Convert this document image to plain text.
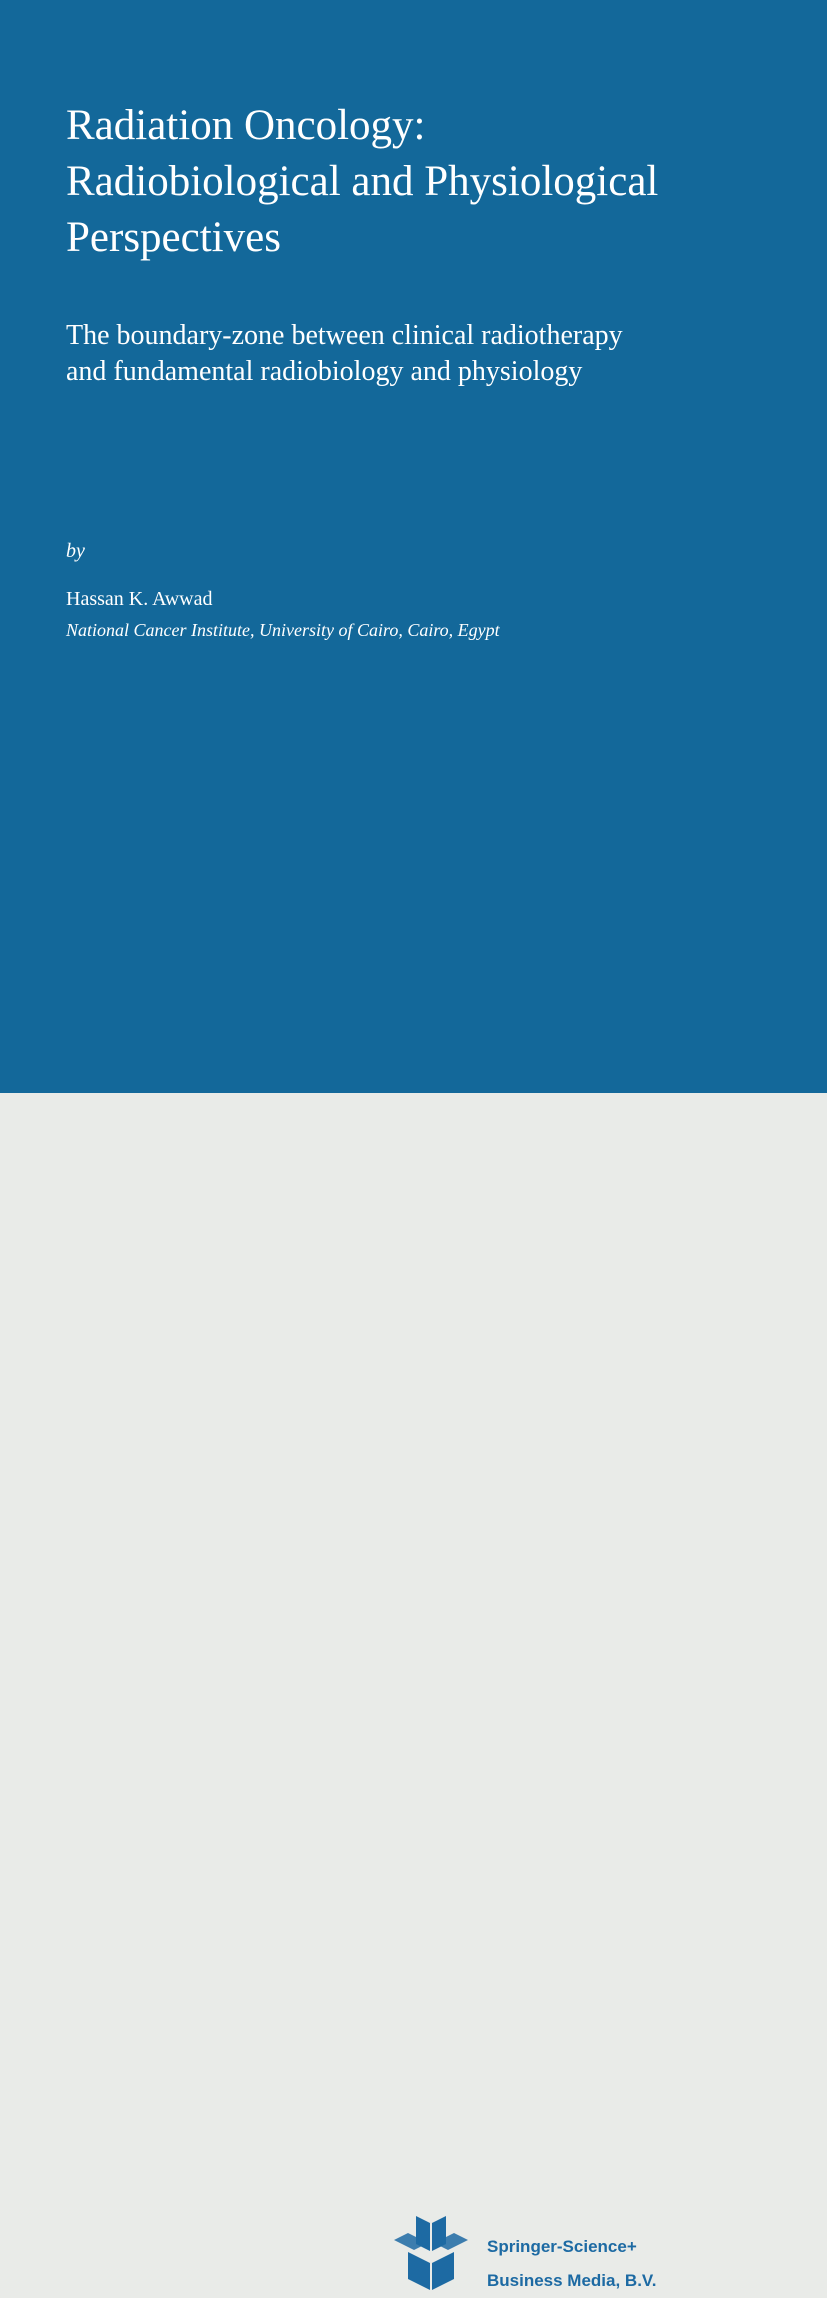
Radiation Oncology:
Radiobiological and Physiological
Perspectives

The boundary-zone between clinical radiotherapy
and fundamental radiobiology and physiology

by
Hassan K. Awwad
National Cancer Institute, University of Cairo, Cairo, Egypt
Springer-Science+
Business Media, B.V.
